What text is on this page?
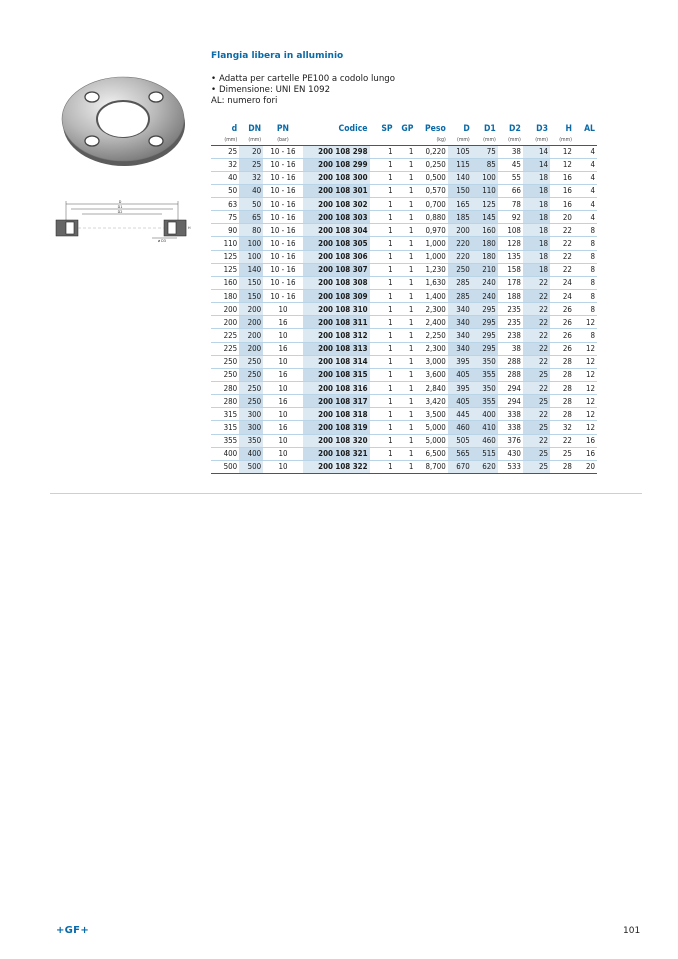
Flangia libera in alluminio
• Adatta per cartelle PE100 a codolo lungo
• Dimensione: UNI EN 1092
AL: numero fori
D
D1
D2
ø D3
H
d	DN	PN	Codice	SP	GP	Peso	D	D1	D2	D3	H	AL
(mm)	(mm)	(bar)				(kg)	(mm)	(mm)	(mm)	(mm)	(mm)	
25	20	10 - 16	200 108 298	1	1	0,220	105	75	38	14	12	4
32	25	10 - 16	200 108 299	1	1	0,250	115	85	45	14	12	4
40	32	10 - 16	200 108 300	1	1	0,500	140	100	55	18	16	4
50	40	10 - 16	200 108 301	1	1	0,570	150	110	66	18	16	4
63	50	10 - 16	200 108 302	1	1	0,700	165	125	78	18	16	4
75	65	10 - 16	200 108 303	1	1	0,880	185	145	92	18	20	4
90	80	10 - 16	200 108 304	1	1	0,970	200	160	108	18	22	8
110	100	10 - 16	200 108 305	1	1	1,000	220	180	128	18	22	8
125	100	10 - 16	200 108 306	1	1	1,000	220	180	135	18	22	8
125	140	10 - 16	200 108 307	1	1	1,230	250	210	158	18	22	8
160	150	10 - 16	200 108 308	1	1	1,630	285	240	178	22	24	8
180	150	10 - 16	200 108 309	1	1	1,400	285	240	188	22	24	8
200	200	10	200 108 310	1	1	2,300	340	295	235	22	26	8
200	200	16	200 108 311	1	1	2,400	340	295	235	22	26	12
225	200	10	200 108 312	1	1	2,250	340	295	238	22	26	8
225	200	16	200 108 313	1	1	2,300	340	295	38	22	26	12
250	250	10	200 108 314	1	1	3,000	395	350	288	22	28	12
250	250	16	200 108 315	1	1	3,600	405	355	288	25	28	12
280	250	10	200 108 316	1	1	2,840	395	350	294	22	28	12
280	250	16	200 108 317	1	1	3,420	405	355	294	25	28	12
315	300	10	200 108 318	1	1	3,500	445	400	338	22	28	12
315	300	16	200 108 319	1	1	5,000	460	410	338	25	32	12
355	350	10	200 108 320	1	1	5,000	505	460	376	22	22	16
400	400	10	200 108 321	1	1	6,500	565	515	430	25	25	16
500	500	10	200 108 322	1	1	8,700	670	620	533	25	28	20
+GF+	101
